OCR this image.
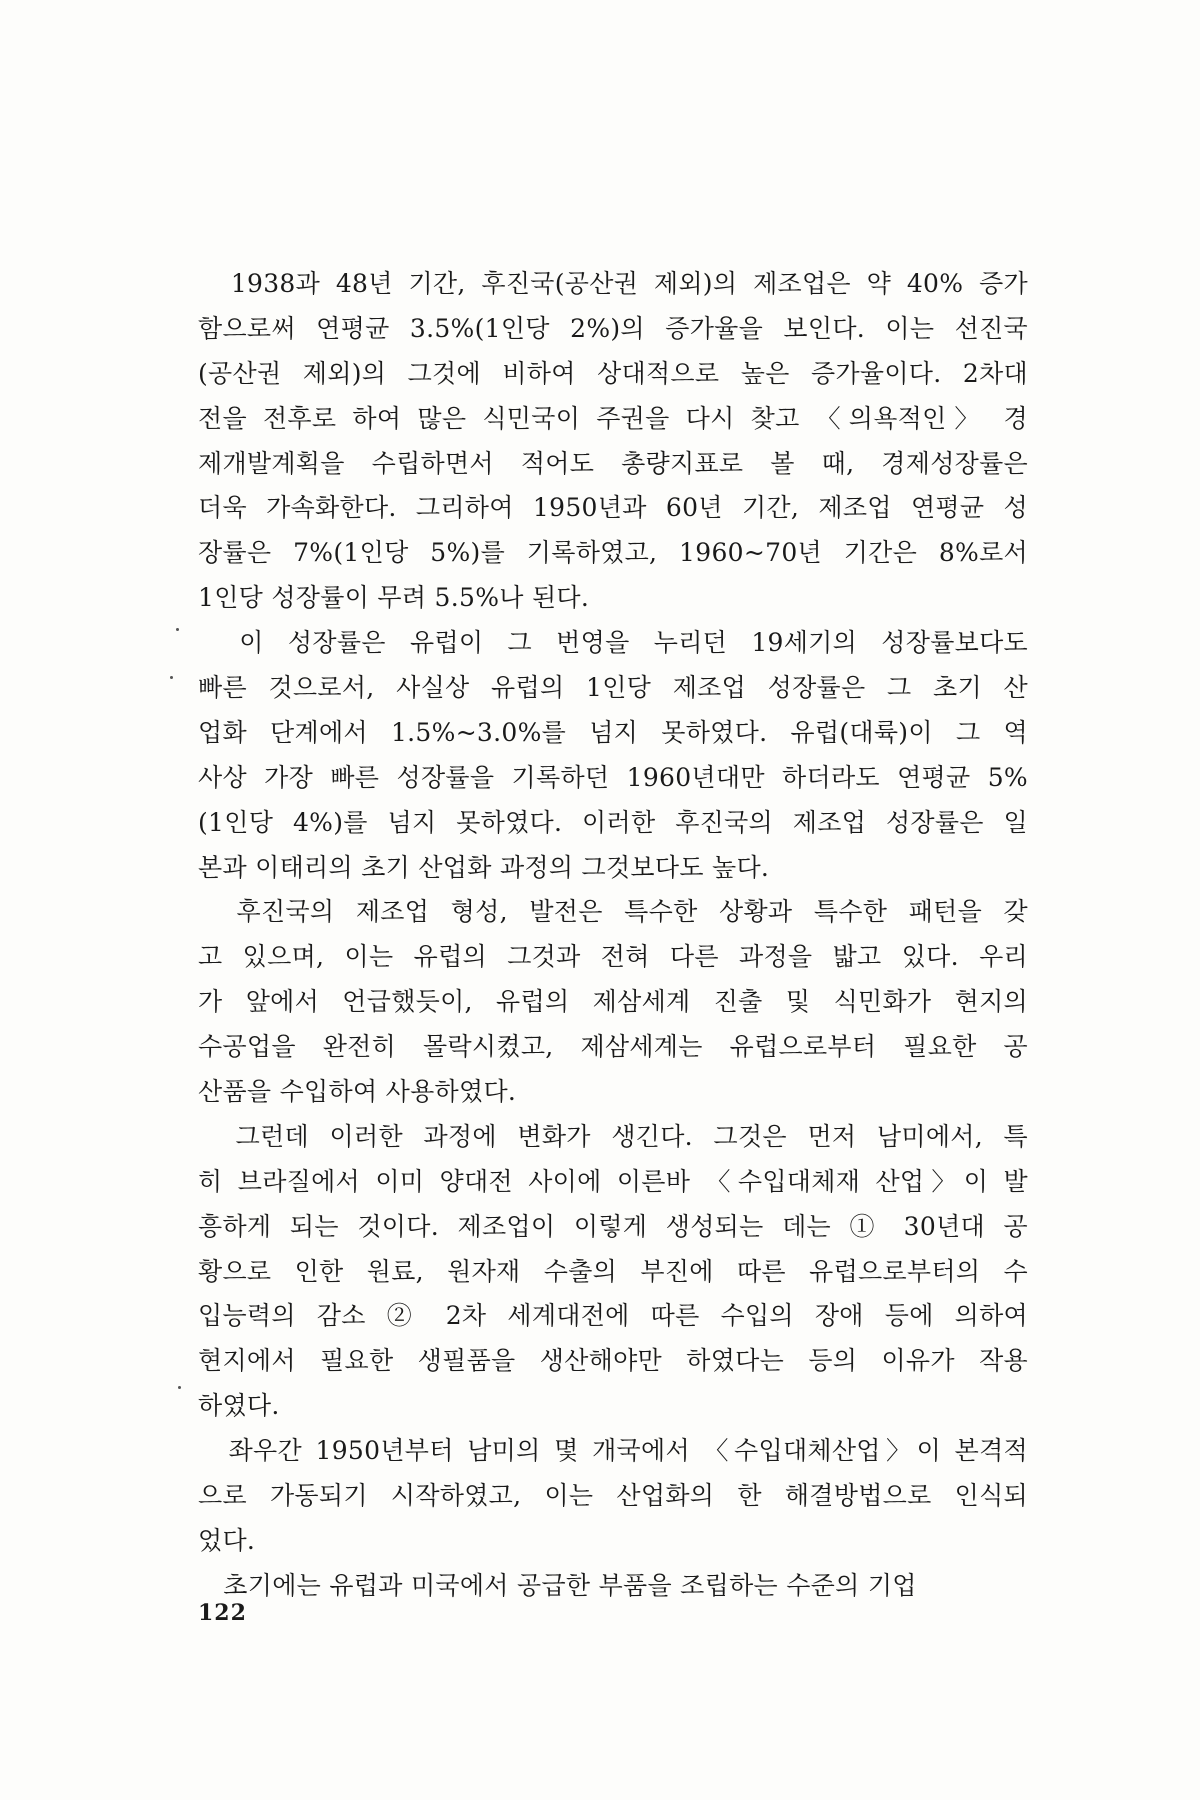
　1938과 48년 기간, 후진국(공산권 제외)의 제조업은 약 40% 증가
함으로써 연평균 3.5%(1인당 2%)의 증가율을 보인다. 이는 선진국
(공산권 제외)의 그것에 비하여 상대적으로 높은 증가율이다. 2차대
전을 전후로 하여 많은 식민국이 주권을 다시 찾고 〈의욕적인〉 경
제개발계획을 수립하면서 적어도 총량지표로 볼 때, 경제성장률은
더욱 가속화한다. 그리하여 1950년과 60년 기간, 제조업 연평균 성
장률은 7%(1인당 5%)를 기록하였고, 1960~70년 기간은 8%로서
1인당 성장률이 무려 5.5%나 된다.
　이 성장률은 유럽이 그 번영을 누리던 19세기의 성장률보다도
빠른 것으로서, 사실상 유럽의 1인당 제조업 성장률은 그 초기 산
업화 단계에서 1.5%~3.0%를 넘지 못하였다. 유럽(대륙)이 그 역
사상 가장 빠른 성장률을 기록하던 1960년대만 하더라도 연평균 5%
(1인당 4%)를 넘지 못하였다. 이러한 후진국의 제조업 성장률은 일
본과 이태리의 초기 산업화 과정의 그것보다도 높다.
　후진국의 제조업 형성, 발전은 특수한 상황과 특수한 패턴을 갖
고 있으며, 이는 유럽의 그것과 전혀 다른 과정을 밟고 있다. 우리
가 앞에서 언급했듯이, 유럽의 제삼세계 진출 및 식민화가 현지의
수공업을 완전히 몰락시켰고, 제삼세계는 유럽으로부터 필요한 공
산품을 수입하여 사용하였다.
　그런데 이러한 과정에 변화가 생긴다. 그것은 먼저 남미에서, 특
히 브라질에서 이미 양대전 사이에 이른바 〈수입대체재 산업〉이 발
흥하게 되는 것이다. 제조업이 이렇게 생성되는 데는 ① 30년대 공
황으로 인한 원료, 원자재 수출의 부진에 따른 유럽으로부터의 수
입능력의 감소 ② 2차 세계대전에 따른 수입의 장애 등에 의하여
현지에서 필요한 생필품을 생산해야만 하였다는 등의 이유가 작용
하였다.
　좌우간 1950년부터 남미의 몇 개국에서 〈수입대체산업〉이 본격적
으로 가동되기 시작하였고, 이는 산업화의 한 해결방법으로 인식되
었다.
　초기에는 유럽과 미국에서 공급한 부품을 조립하는 수준의 기업
122
